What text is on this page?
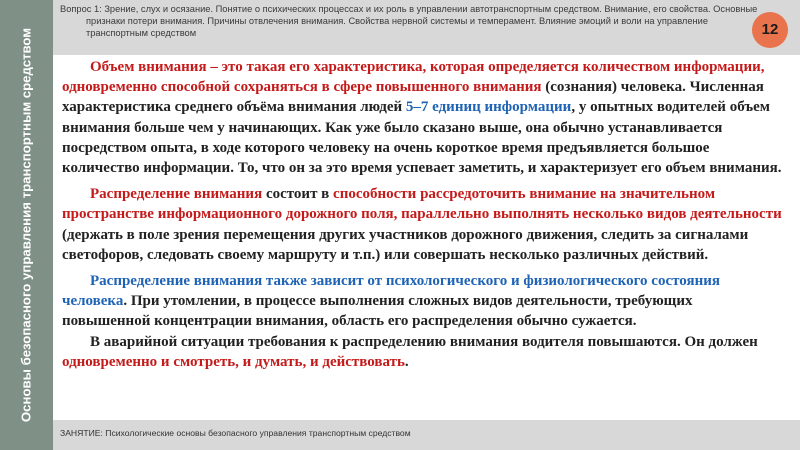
Основы безопасного управления транспортным средством
Вопрос 1: Зрение, слух и осязание. Понятие о психических процессах и их роль в управлении автотранспортным средством. Внимание, его свойства. Основные признаки потери внимания. Причины отвлечения внимания. Свойства нервной системы и темперамент. Влияние эмоций и воли на управление транспортным средством	12

Объем внимания – это такая его характеристика, которая определяется количеством информации, одновременно способной сохраняться в сфере повышенного внимания (сознания) человека. Численная характеристика среднего объёма внимания людей 5–7 единиц информации, у опытных водителей объем внимания больше чем у начинающих. Как уже было сказано выше, она обычно устанавливается посредством опыта, в ходе которого человеку на очень короткое время предъявляется большое количество информации. То, что он за это время успевает заметить, и характеризует его объем внимания.

Распределение внимания состоит в способности рассредоточить внимание на значительном пространстве информационного дорожного поля, параллельно выполнять несколько видов деятельности (держать в поле зрения перемещения других участников дорожного движения, следить за сигналами светофоров, следовать своему маршруту и т.п.) или совершать несколько различных действий.

Распределение внимания также зависит от психологического и физиологического состояния человека. При утомлении, в процессе выполнения сложных видов деятельности, требующих повышенной концентрации внимания, область его распределения обычно сужается.

В аварийной ситуации требования к распределению внимания водителя повышаются. Он должен одновременно и смотреть, и думать, и действовать.

ЗАНЯТИЕ: Психологические основы безопасного управления транспортным средством
